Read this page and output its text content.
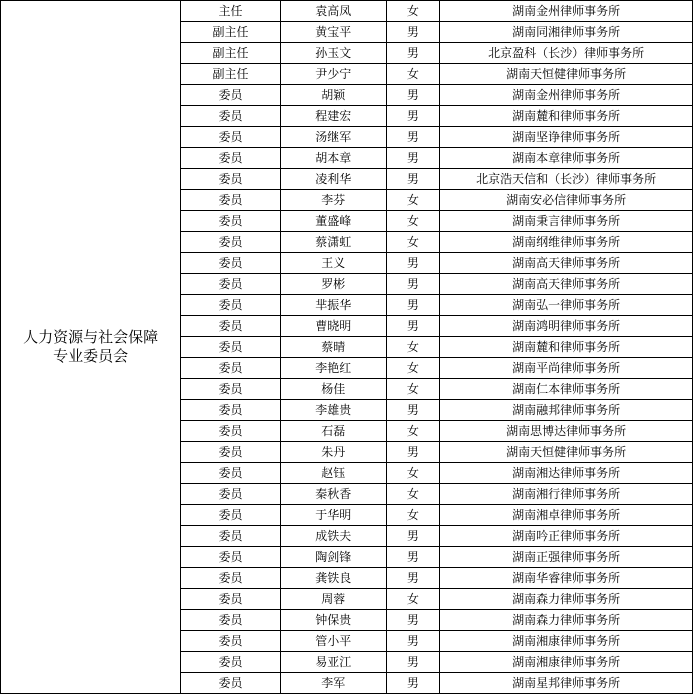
人力资源与社会保障
专业委员会	主任	袁高凤	女	湖南金州律师事务所
	副主任	黄宝平	男	湖南同湘律师事务所
	副主任	孙玉文	男	北京盈科（长沙）律师事务所
	副主任	尹少宁	女	湖南天恒健律师事务所
	委员	胡颖	男	湖南金州律师事务所
	委员	程建宏	男	湖南麓和律师事务所
	委员	汤继军	男	湖南坚诤律师事务所
	委员	胡本章	男	湖南本章律师事务所
	委员	凌利华	男	北京浩天信和（长沙）律师事务所
	委员	李芬	女	湖南安必信律师事务所
	委员	董盛峰	女	湖南秉言律师事务所
	委员	蔡潇虹	女	湖南纲维律师事务所
	委员	王义	男	湖南高天律师事务所
	委员	罗彬	男	湖南高天律师事务所
	委员	芈振华	男	湖南弘一律师事务所
	委员	曹晓明	男	湖南鸿明律师事务所
	委员	蔡晴	女	湖南麓和律师事务所
	委员	李艳红	女	湖南平尚律师事务所
	委员	杨佳	女	湖南仁本律师事务所
	委员	李雄贵	男	湖南融邦律师事务所
	委员	石磊	女	湖南思博达律师事务所
	委员	朱丹	男	湖南天恒健律师事务所
	委员	赵钰	女	湖南湘达律师事务所
	委员	秦秋香	女	湖南湘行律师事务所
	委员	于华明	女	湖南湘卓律师事务所
	委员	成铁夫	男	湖南吟正律师事务所
	委员	陶剑锋	男	湖南正强律师事务所
	委员	龚铁良	男	湖南华睿律师事务所
	委员	周蓉	女	湖南森力律师事务所
	委员	钟保贵	男	湖南森力律师事务所
	委员	管小平	男	湖南湘康律师事务所
	委员	易亚江	男	湖南湘康律师事务所
	委员	李军	男	湖南星邦律师事务所
